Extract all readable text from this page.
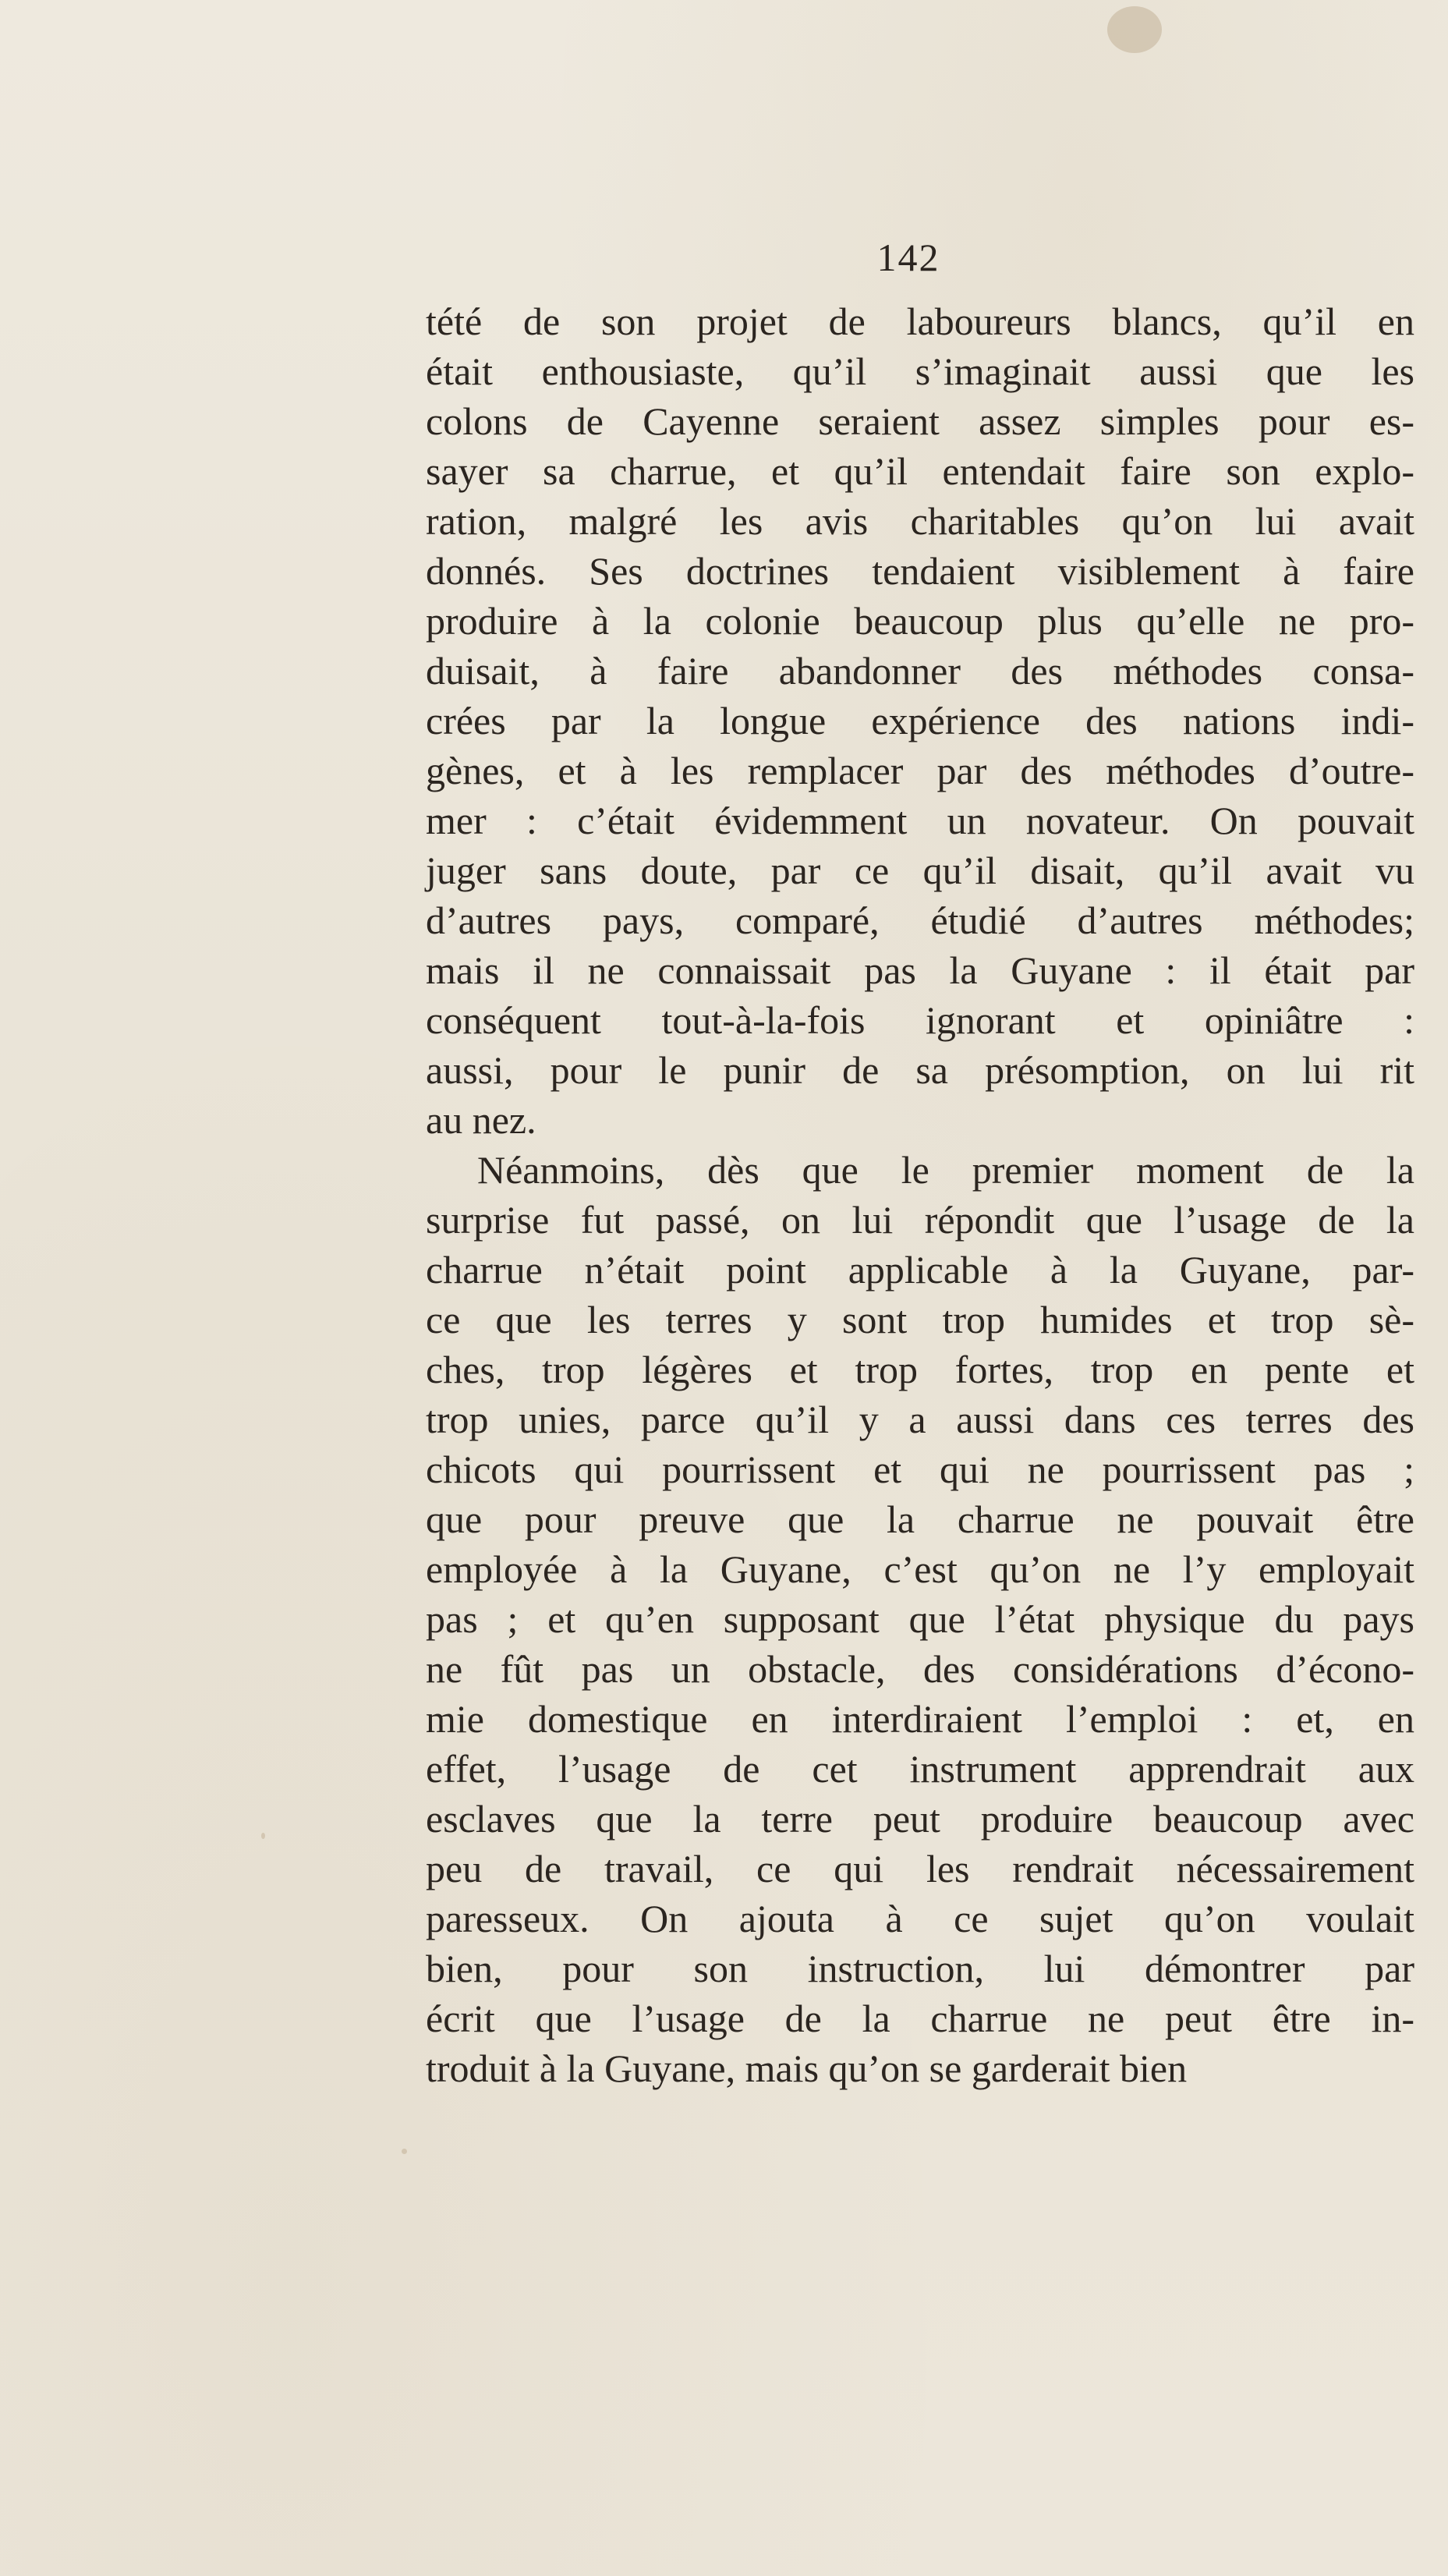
142
tété de son projet de laboureurs blancs, qu’il en
était enthousiaste, qu’il s’imaginait aussi que les
colons de Cayenne seraient assez simples pour es-
sayer sa charrue, et qu’il entendait faire son explo-
ration, malgré les avis charitables qu’on lui avait
donnés. Ses doctrines tendaient visiblement à faire
produire à la colonie beaucoup plus qu’elle ne pro-
duisait, à faire abandonner des méthodes consa-
crées par la longue expérience des nations indi-
gènes, et à les remplacer par des méthodes d’outre-
mer : c’était évidemment un novateur. On pouvait
juger sans doute, par ce qu’il disait, qu’il avait vu
d’autres pays, comparé, étudié d’autres méthodes;
mais il ne connaissait pas la Guyane : il était par
conséquent tout-à-la-fois ignorant et opiniâtre :
aussi, pour le punir de sa présomption, on lui rit
au nez.
Néanmoins, dès que le premier moment de la
surprise fut passé, on lui répondit que l’usage de la
charrue n’était point applicable à la Guyane, par-
ce que les terres y sont trop humides et trop sè-
ches, trop légères et trop fortes, trop en pente et
trop unies, parce qu’il y a aussi dans ces terres des
chicots qui pourrissent et qui ne pourrissent pas ;
que pour preuve que la charrue ne pouvait être
employée à la Guyane, c’est qu’on ne l’y employait
pas ; et qu’en supposant que l’état physique du pays
ne fût pas un obstacle, des considérations d’écono-
mie domestique en interdiraient l’emploi : et, en
effet, l’usage de cet instrument apprendrait aux
esclaves que la terre peut produire beaucoup avec
peu de travail, ce qui les rendrait nécessairement
paresseux. On ajouta à ce sujet qu’on voulait
bien, pour son instruction, lui démontrer par
écrit que l’usage de la charrue ne peut être in-
troduit à la Guyane, mais qu’on se garderait bien
